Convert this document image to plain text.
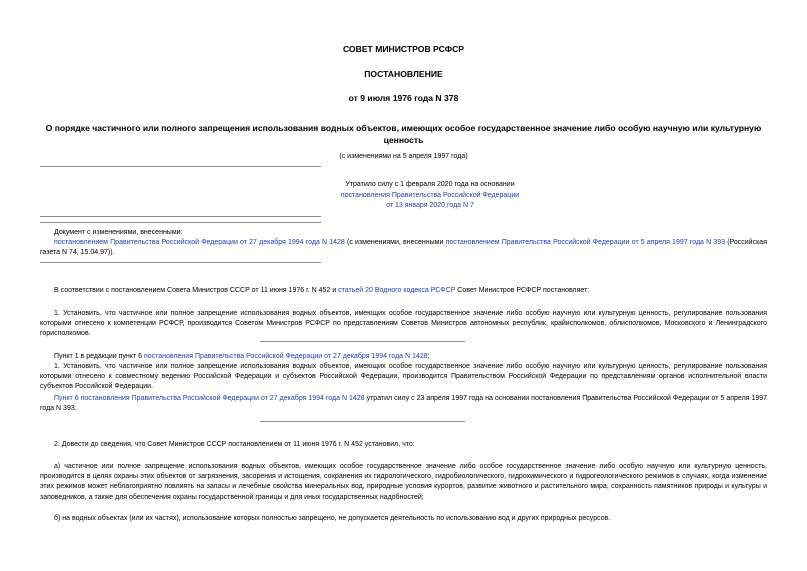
СОВЕТ МИНИСТРОВ РСФСР
ПОСТАНОВЛЕНИЕ
от 9 июля 1976 года N 378
О порядке частичного или полного запрещения использования водных объектов, имеющих особое государственное значение либо особую научную или культурную ценность
(с изменениями на 5 апреля 1997 года)
Утратило силу с 1 февраля 2020 года на основании
постановления Правительства Российской Федерации
от 13 января 2020 года N 7
Документ с изменениями, внесенными:
постановлением Правительства Российской Федерации от 27 декабря 1994 года N 1428 (с изменениями, внесенными постановлением Правительства Российской Федерации от 5 апреля 1997 года N 393 (Российская газета N 74, 15.04.97)).
В соответствии с постановлением Совета Министров СССР от 11 июня 1976 г. N 452 и статьей 20 Водного кодекса РСФСР Совет Министров РСФСР постановляет:
1. Установить, что частичное или полное запрещение использования водных объектов, имеющих особое государственное значение либо особую научную или культурную ценность, регулирование пользования которыми отнесено к компетенции РСФСР, производится Советом Министров РСФСР по представлениям Советов Министров автономных республик, крайисполкомов, облисполкомов, Московского и Ленинградского горисполкомов.
Пункт 1 в редакции пункт 6 постановления Правительства Российской Федерации от 27 декабря 1994 года N 1428;
1. Установить, что частичное или полное запрещение использования водных объектов, имеющих особое государственное значение либо особую научную или культурную ценность, регулирование пользования которыми отнесено к совместному ведению Российской Федерации и субъектов Российской Федерации, производится Правительством Российской Федерации по представлениям органов исполнительной власти субъектов Российской Федерации.
Пункт 6 постановления Правительства Российской Федерации от 27 декабря 1994 года N 1428 утратил силу с 23 апреля 1997 года на основании постановления Правительства Российской Федерации от 5 апреля 1997 года N 393.
2. Довести до сведения, что Совет Министров СССР постановлением от 11 июня 1976 г. N 452 установил, что:
а) частичное или полное запрещение использования водных объектов, имеющих особое государственное значение либо особое государственное значение либо особую научную или культурную ценность, производится в целях охраны этих объектов от загрязнения, засорения и истощения, сохранения их гидрологического, гидробиологического, гидрохимического и гидрогеологического режимов в случаях, когда изменение этих режимов может неблагоприятно повлиять на запасы и лечебные свойства минеральных вод, природные условия курортов, развитие животного и растительного мира, сохранность памятников природы и культуры и заповедников, а также для обеспечения охраны государственной границы и для иных государственных надобностей;
б) на водных объектах (или их частях), использование которых полностью запрещено, не допускается деятельность по использованию вод и других природных ресурсов.
